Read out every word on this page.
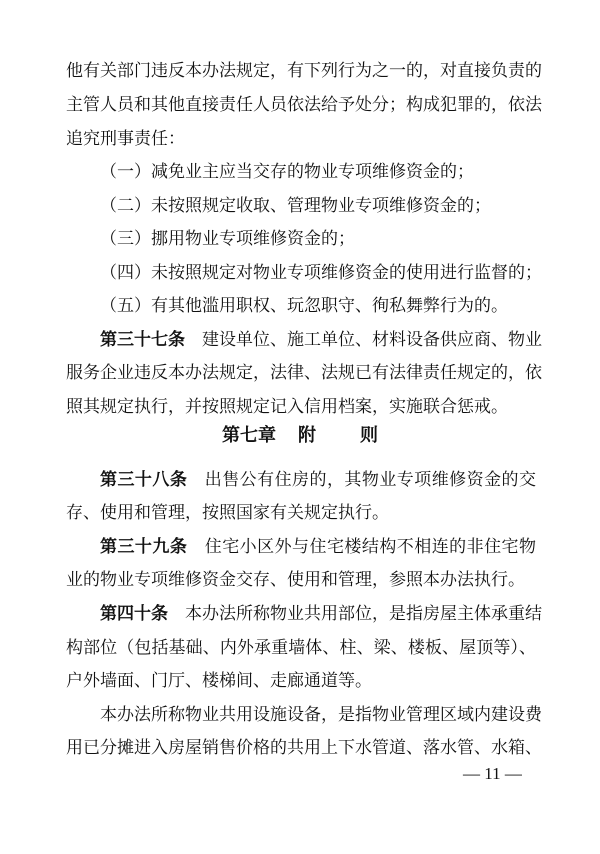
他有关部门违反本办法规定，有下列行为之一的，对直接负责的
主管人员和其他直接责任人员依法给予处分；构成犯罪的，依法
追究刑事责任：
（一）减免业主应当交存的物业专项维修资金的；
（二）未按照规定收取、管理物业专项维修资金的；
（三）挪用物业专项维修资金的；
（四）未按照规定对物业专项维修资金的使用进行监督的；
（五）有其他滥用职权、玩忽职守、徇私舞弊行为的。
第三十七条　 建设单位、施工单位、材料设备供应商、物业
服务企业违反本办法规定，法律、法规已有法律责任规定的，依
照其规定执行，并按照规定记入信用档案，实施联合惩戒。
第七章 附 则
第三十八条　 出售公有住房的，其物业专项维修资金的交
存、使用和管理，按照国家有关规定执行。
第三十九条　 住宅小区外与住宅楼结构不相连的非住宅物
业的物业专项维修资金交存、使用和管理，参照本办法执行。
第四十条　 本办法所称物业共用部位，是指房屋主体承重结
构部位（包括基础、内外承重墙体、柱、梁、楼板、屋顶等）、
户外墙面、门厅、楼梯间、走廊通道等。
本办法所称物业共用设施设备，是指物业管理区域内建设费
用已分摊进入房屋销售价格的共用上下水管道、落水管、水箱、
— 11 —
